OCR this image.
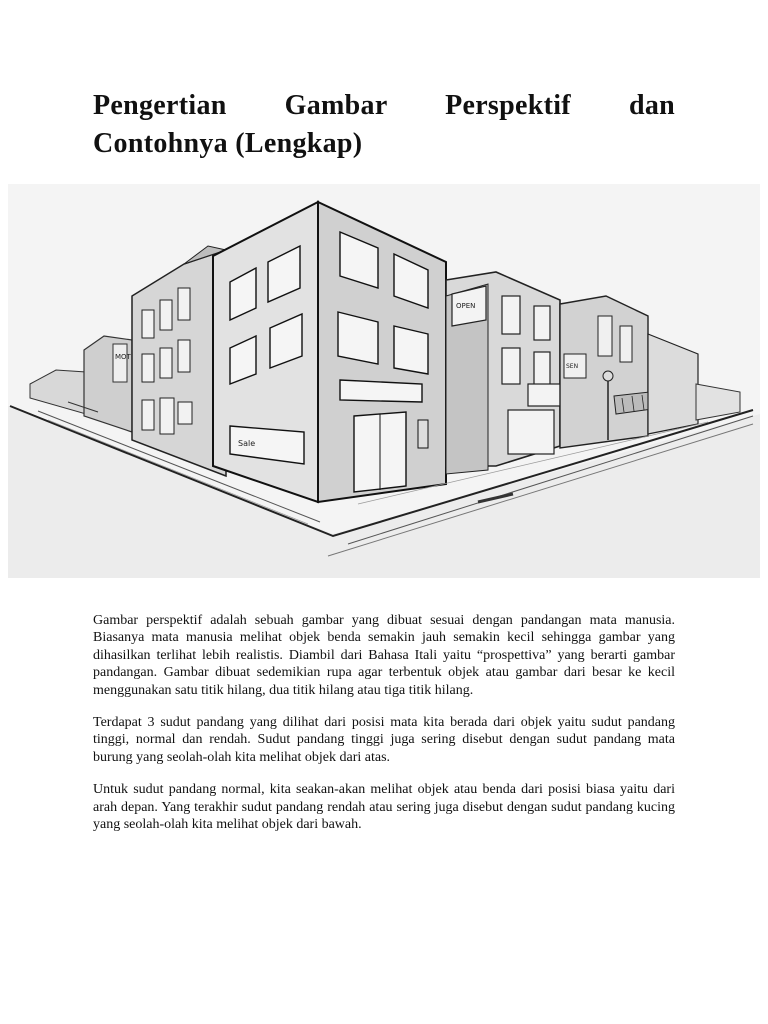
Pengertian Gambar Perspektif dan
Contohnya (Lengkap)
MOT
Sale
OPEN
SEN

Gambar perspektif adalah sebuah gambar yang dibuat sesuai dengan pandangan mata manusia. Biasanya mata manusia melihat objek benda semakin jauh semakin kecil sehingga gambar yang dihasilkan terlihat lebih realistis. Diambil dari Bahasa Itali yaitu “prospettiva” yang berarti gambar pandangan. Gambar dibuat sedemikian rupa agar terbentuk objek atau gambar dari besar ke kecil menggunakan satu titik hilang, dua titik hilang atau tiga titik hilang.

Terdapat 3 sudut pandang yang dilihat dari posisi mata kita berada dari objek yaitu sudut pandang tinggi, normal dan rendah. Sudut pandang tinggi juga sering disebut dengan sudut pandang mata burung yang seolah-olah kita melihat objek dari atas.

Untuk sudut pandang normal, kita seakan-akan melihat objek atau benda dari posisi biasa yaitu dari arah depan. Yang terakhir sudut pandang rendah atau sering juga disebut dengan sudut pandang kucing yang seolah-olah kita melihat objek dari bawah.
